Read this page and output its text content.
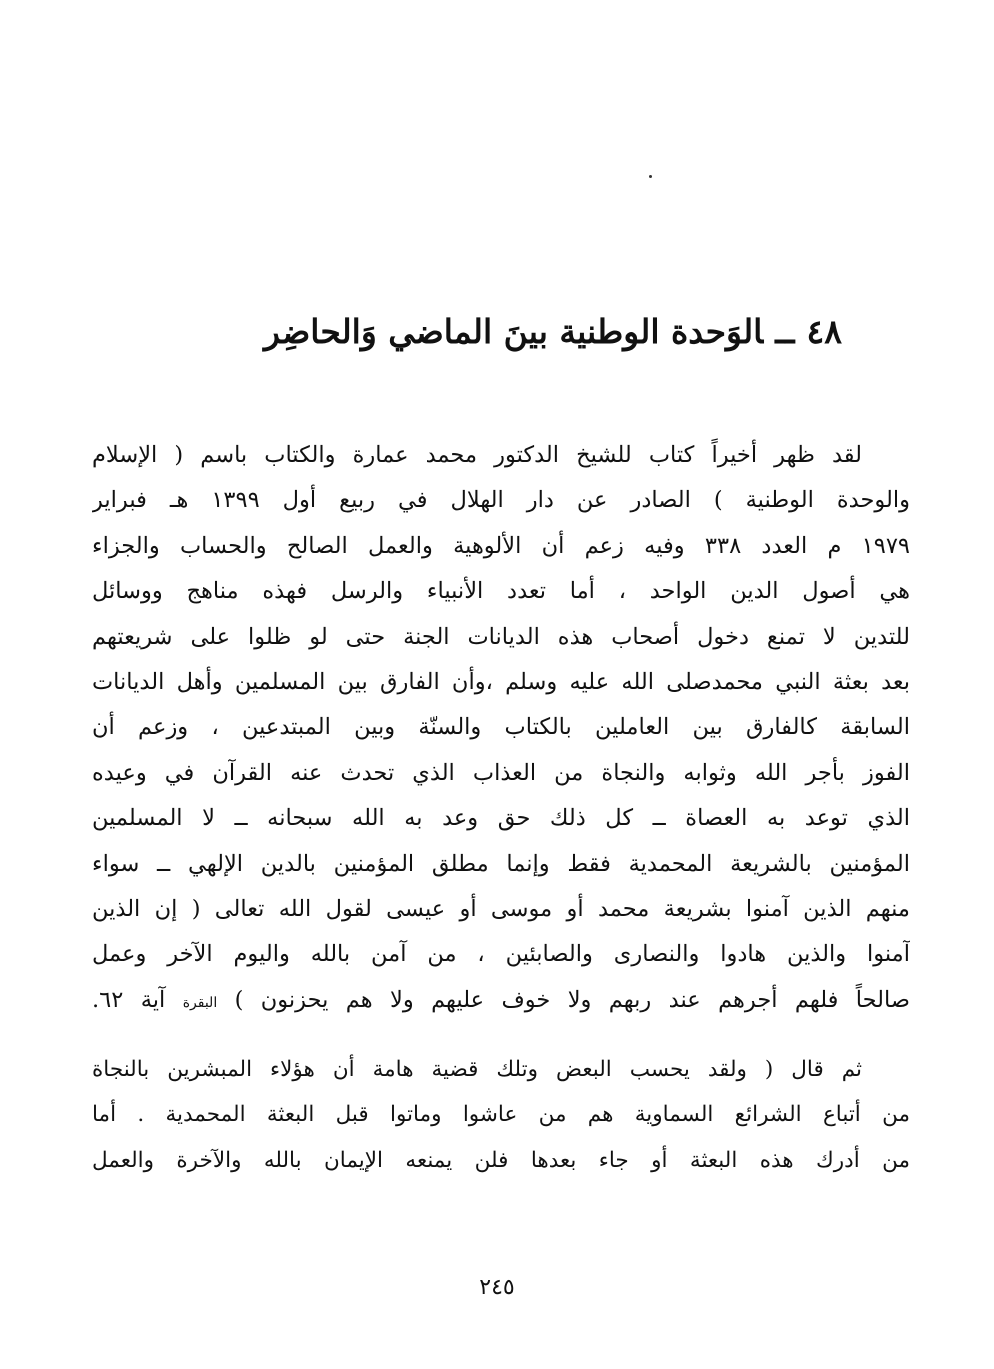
٤٨ــالوَحدة الوطنية بينَ الماضي وَالحاضِر
لقد ظهر أخيراً كتاب للشيخ الدكتور محمد عمارة والكتاب باسم ( الإسلام
والوحدة الوطنية ) الصادر عن دار الهلال في ربيع أول ١٣٩٩ هـ فبراير
١٩٧٩ م العدد ٣٣٨ وفيه زعم أن الألوهية والعمل الصالح والحساب والجزاء
هي أصول الدين الواحد ، أما تعدد الأنبياء والرسل فهذه مناهج ووسائل
للتدين لا تمنع دخول أصحاب هذه الديانات الجنة حتى لو ظلوا على شريعتهم
بعد بعثة النبي محمدصلى الله عليه وسلم ،وأن الفارق بين المسلمين وأهل الديانات
السابقة كالفارق بين العاملين بالكتاب والسنّة وبين المبتدعين ، وزعم أن
الفوز بأجر الله وثوابه والنجاة من العذاب الذي تحدث عنه القرآن في وعيده
الذي توعد به العصاة ــ كل ذلك حق وعد به الله سبحانه ــ لا المسلمين
المؤمنين بالشريعة المحمدية فقط وإنما مطلق المؤمنين بالدين الإلهي ــ سواء
منهم الذين آمنوا بشريعة محمد أو موسى أو عيسى لقول الله تعالى ( إن الذين
آمنوا والذين هادوا والنصارى والصابئين ، من آمن بالله واليوم الآخر وعمل
صالحاً فلهم أجرهم عند ربهم ولا خوف عليهم ولا هم يحزنون ) البقرة آية ٦٢.
ثم قال ( ولقد يحسب البعض وتلك قضية هامة أن هؤلاء المبشرين بالنجاة
من أتباع الشرائع السماوية هم من عاشوا وماتوا قبل البعثة المحمدية . أما
من أدرك هذه البعثة أو جاء بعدها فلن يمنعه الإيمان بالله والآخرة والعمل
٢٤٥
